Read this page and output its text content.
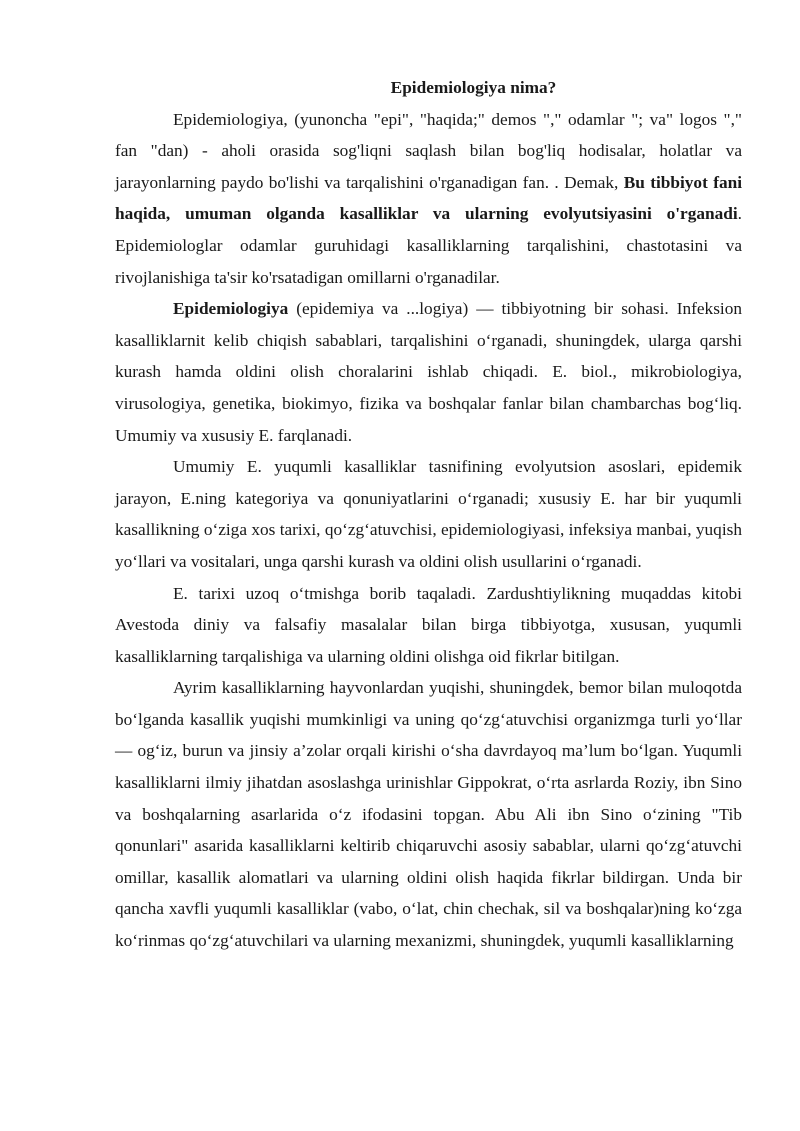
Epidemiologiya nima?

Epidemiologiya, (yunoncha "epi", "haqida;" demos "," odamlar "; va" logos "," fan "dan) - aholi orasida sog'liqni saqlash bilan bog'liq hodisalar, holatlar va jarayonlarning paydo bo'lishi va tarqalishini o'rganadigan fan. . Demak, Bu tibbiyot fani haqida, umuman olganda kasalliklar va ularning evolyutsiyasini o'rganadi. Epidemiologlar odamlar guruhidagi kasalliklarning tarqalishini, chastotasini va rivojlanishiga ta'sir ko'rsatadigan omillarni o'rganadilar.

Epidemiologiya (epidemiya va ...logiya) — tibbiyotning bir sohasi. Infeksion kasalliklarnit kelib chiqish sabablari, tarqalishini oʻrganadi, shuningdek, ularga qarshi kurash hamda oldini olish choralarini ishlab chiqadi. E. biol., mikrobiologiya, virusologiya, genetika, biokimyo, fizika va boshqalar fanlar bilan chambarchas bogʻliq. Umumiy va xususiy E. farqlanadi.

Umumiy E. yuqumli kasalliklar tasnifining evolyutsion asoslari, epidemik jarayon, E.ning kategoriya va qonuniyatlarini oʻrganadi; xususiy E. har bir yuqumli kasallikning oʻziga xos tarixi, qoʻzgʻatuvchisi, epidemiologiyasi, infeksiya manbai, yuqish yoʻllari va vositalari, unga qarshi kurash va oldini olish usullarini oʻrganadi.

E. tarixi uzoq oʻtmishga borib taqaladi. Zardushtiylikning muqaddas kitobi Avestoda diniy va falsafiy masalalar bilan birga tibbiyotga, xususan, yuqumli kasalliklarning tarqalishiga va ularning oldini olishga oid fikrlar bitilgan.

Ayrim kasalliklarning hayvonlardan yuqishi, shuningdek, bemor bilan muloqotda boʻlganda kasallik yuqishi mumkinligi va uning qoʻzgʻatuvchisi organizmga turli yoʻllar — ogʻiz, burun va jinsiy a’zolar orqali kirishi oʻsha davrdayoq ma’lum boʻlgan. Yuqumli kasalliklarni ilmiy jihatdan asoslashga urinishlar Gippokrat, oʻrta asrlarda Roziy, ibn Sino va boshqalarning asarlarida oʻz ifodasini topgan. Abu Ali ibn Sino oʻzining "Tib qonunlari" asarida kasalliklarni keltirib chiqaruvchi asosiy sabablar, ularni qoʻzgʻatuvchi omillar, kasallik alomatlari va ularning oldini olish haqida fikrlar bildirgan. Unda bir qancha xavfli yuqumli kasalliklar (vabo, oʻlat, chin chechak, sil va boshqalar)ning koʻzga koʻrinmas qoʻzgʻatuvchilari va ularning mexanizmi, shuningdek, yuqumli kasalliklarning
